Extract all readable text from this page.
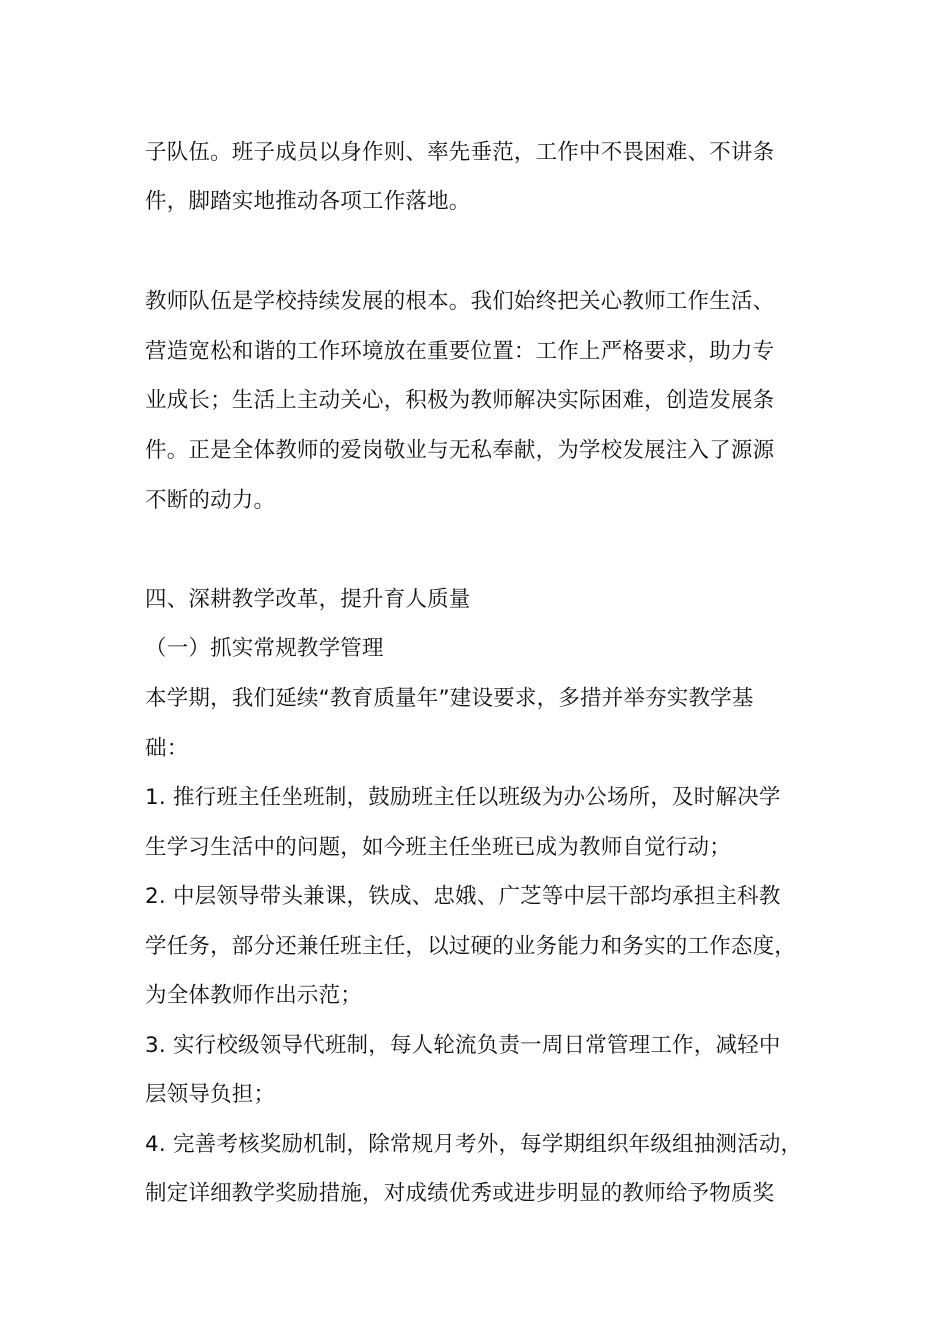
子队伍。班子成员以身作则、率先垂范，工作中不畏困难、不讲条
件，脚踏实地推动各项工作落地。
教师队伍是学校持续发展的根本。我们始终把关心教师工作生活、
营造宽松和谐的工作环境放在重要位置：工作上严格要求，助力专
业成长；生活上主动关心，积极为教师解决实际困难，创造发展条
件。正是全体教师的爱岗敬业与无私奉献，为学校发展注入了源源
不断的动力。
四、深耕教学改革，提升育人质量
（一）抓实常规教学管理
本学期，我们延续“教育质量年”建设要求，多措并举夯实教学基
础：
1. 推行班主任坐班制，鼓励班主任以班级为办公场所，及时解决学
生学习生活中的问题，如今班主任坐班已成为教师自觉行动；
2. 中层领导带头兼课，铁成、忠娥、广芝等中层干部均承担主科教
学任务，部分还兼任班主任，以过硬的业务能力和务实的工作态度，
为全体教师作出示范；
3. 实行校级领导代班制，每人轮流负责一周日常管理工作，减轻中
层领导负担；
4. 完善考核奖励机制，除常规月考外，每学期组织年级组抽测活动，
制定详细教学奖励措施，对成绩优秀或进步明显的教师给予物质奖
